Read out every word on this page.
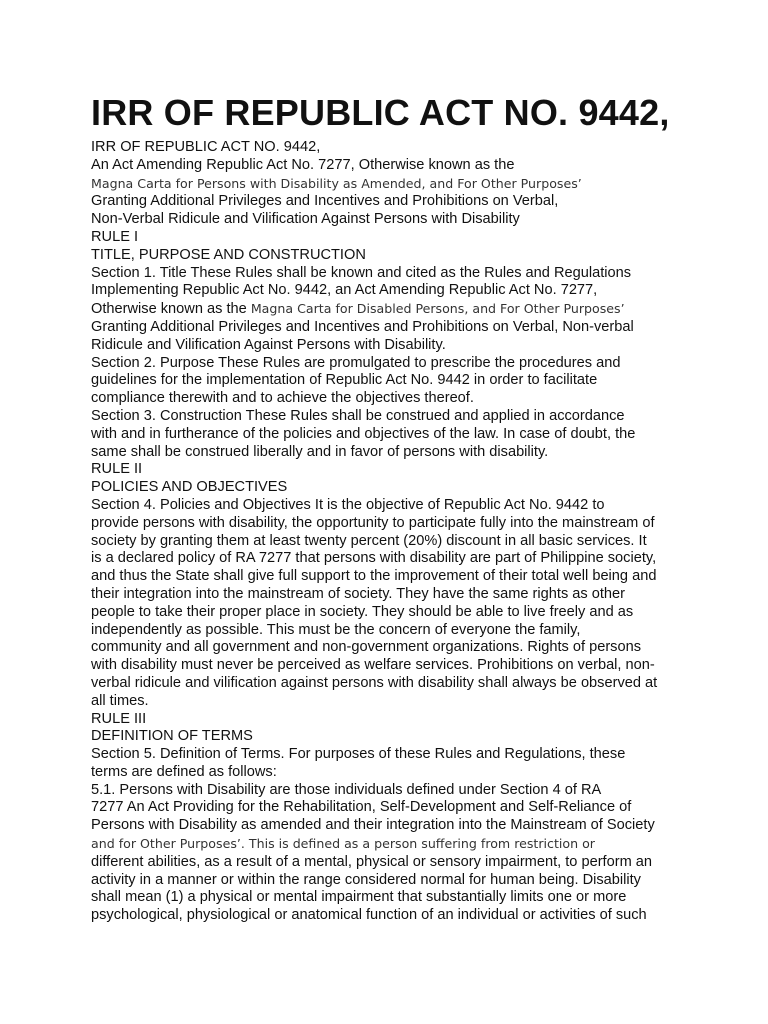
IRR OF REPUBLIC ACT NO. 9442,
IRR OF REPUBLIC ACT NO. 9442,
An Act Amending Republic Act No. 7277, Otherwise known as the
Magna Carta for Persons with Disability as Amended, and For Other Purposes’
Granting Additional Privileges and Incentives and Prohibitions on Verbal,
Non-Verbal Ridicule and Vilification Against Persons with Disability
RULE I
TITLE, PURPOSE AND CONSTRUCTION
Section 1. Title These Rules shall be known and cited as the Rules and Regulations
Implementing Republic Act No. 9442, an Act Amending Republic Act No. 7277,
Otherwise known as the Magna Carta for Disabled Persons, and For Other Purposes’
Granting Additional Privileges and Incentives and Prohibitions on Verbal, Non-verbal
Ridicule and Vilification Against Persons with Disability.
Section 2. Purpose These Rules are promulgated to prescribe the procedures and
guidelines for the implementation of Republic Act No. 9442 in order to facilitate
compliance therewith and to achieve the objectives thereof.
Section 3. Construction These Rules shall be construed and applied in accordance
with and in furtherance of the policies and objectives of the law. In case of doubt, the
same shall be construed liberally and in favor of persons with disability.
RULE II
POLICIES AND OBJECTIVES
Section 4. Policies and Objectives It is the objective of Republic Act No. 9442 to
provide persons with disability, the opportunity to participate fully into the mainstream of
society by granting them at least twenty percent (20%) discount in all basic services. It
is a declared policy of RA 7277 that persons with disability are part of Philippine society,
and thus the State shall give full support to the improvement of their total well being and
their integration into the mainstream of society. They have the same rights as other
people to take their proper place in society. They should be able to live freely and as
independently as possible. This must be the concern of everyone the family,
community and all government and non-government organizations. Rights of persons
with disability must never be perceived as welfare services. Prohibitions on verbal, non-
verbal ridicule and vilification against persons with disability shall always be observed at
all times.
RULE III
DEFINITION OF TERMS
Section 5. Definition of Terms. For purposes of these Rules and Regulations, these
terms are defined as follows:
5.1. Persons with Disability are those individuals defined under Section 4 of RA
7277 An Act Providing for the Rehabilitation, Self-Development and Self-Reliance of
Persons with Disability as amended and their integration into the Mainstream of Society
and for Other Purposes’. This is defined as a person suffering from restriction or
different abilities, as a result of a mental, physical or sensory impairment, to perform an
activity in a manner or within the range considered normal for human being. Disability
shall mean (1) a physical or mental impairment that substantially limits one or more
psychological, physiological or anatomical function of an individual or activities of such
